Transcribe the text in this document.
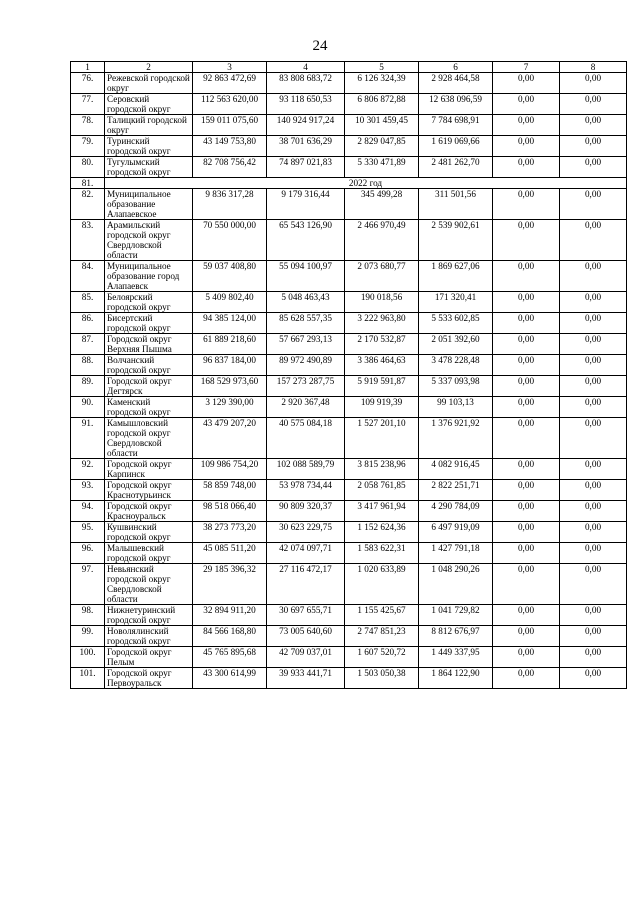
24
1	2	3	4	5	6	7	8
76.	Режевской городской округ	92 863 472,69	83 808 683,72	6 126 324,39	2 928 464,58	0,00	0,00
77.	Серовский городской округ	112 563 620,00	93 118 650,53	6 806 872,88	12 638 096,59	0,00	0,00
78.	Талицкий городской округ	159 011 075,60	140 924 917,24	10 301 459,45	7 784 698,91	0,00	0,00
79.	Туринский городской округ	43 149 753,80	38 701 636,29	2 829 047,85	1 619 069,66	0,00	0,00
80.	Тугулымский городской округ	82 708 756,42	74 897 021,83	5 330 471,89	2 481 262,70	0,00	0,00
81.	2022 год						
82.	Муниципальное образование Алапаевское	9 836 317,28	9 179 316,44	345 499,28	311 501,56	0,00	0,00
83.	Арамильский городской округ Свердловской области	70 550 000,00	65 543 126,90	2 466 970,49	2 539 902,61	0,00	0,00
84.	Муниципальное образование город Алапаевск	59 037 408,80	55 094 100,97	2 073 680,77	1 869 627,06	0,00	0,00
85.	Белоярский городской округ	5 409 802,40	5 048 463,43	190 018,56	171 320,41	0,00	0,00
86.	Бисертский городской округ	94 385 124,00	85 628 557,35	3 222 963,80	5 533 602,85	0,00	0,00
87.	Городской округ Верхняя Пышма	61 889 218,60	57 667 293,13	2 170 532,87	2 051 392,60	0,00	0,00
88.	Волчанский городской округ	96 837 184,00	89 972 490,89	3 386 464,63	3 478 228,48	0,00	0,00
89.	Городской округ Дегтярск	168 529 973,60	157 273 287,75	5 919 591,87	5 337 093,98	0,00	0,00
90.	Каменский городской округ	3 129 390,00	2 920 367,48	109 919,39	99 103,13	0,00	0,00
91.	Камышловский городской округ Свердловской области	43 479 207,20	40 575 084,18	1 527 201,10	1 376 921,92	0,00	0,00
92.	Городской округ Карпинск	109 986 754,20	102 088 589,79	3 815 238,96	4 082 916,45	0,00	0,00
93.	Городской округ Краснотурьинск	58 859 748,00	53 978 734,44	2 058 761,85	2 822 251,71	0,00	0,00
94.	Городской округ Красноуральск	98 518 066,40	90 809 320,37	3 417 961,94	4 290 784,09	0,00	0,00
95.	Кушвинский городской округ	38 273 773,20	30 623 229,75	1 152 624,36	6 497 919,09	0,00	0,00
96.	Малышевский городской округ	45 085 511,20	42 074 097,71	1 583 622,31	1 427 791,18	0,00	0,00
97.	Невьянский городской округ Свердловской области	29 185 396,32	27 116 472,17	1 020 633,89	1 048 290,26	0,00	0,00
98.	Нижнетуринский городской округ	32 894 911,20	30 697 655,71	1 155 425,67	1 041 729,82	0,00	0,00
99.	Новолялинский городской округ	84 566 168,80	73 005 640,60	2 747 851,23	8 812 676,97	0,00	0,00
100.	Городской округ Пелым	45 765 895,68	42 709 037,01	1 607 520,72	1 449 337,95	0,00	0,00
101.	Городской округ Первоуральск	43 300 614,99	39 933 441,71	1 503 050,38	1 864 122,90	0,00	0,00
